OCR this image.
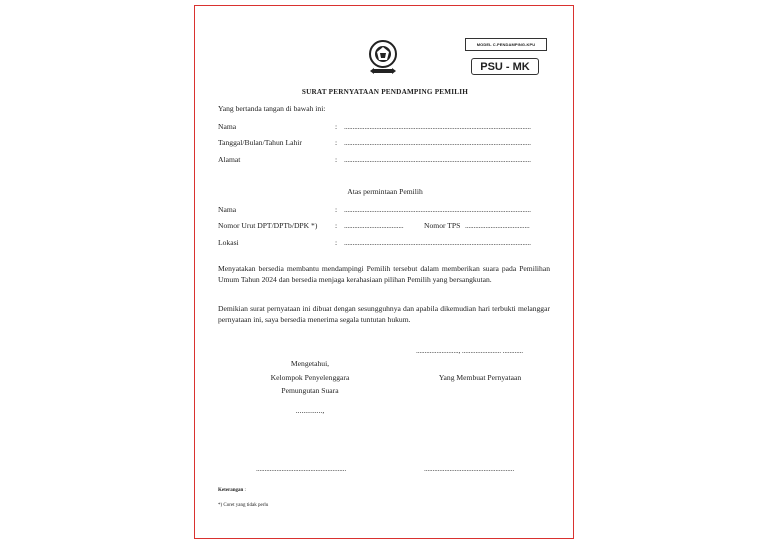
MODEL C.PENDAMPING-KPU
PSU - MK
SURAT PERNYATAAN PENDAMPING PEMILIH
Yang bertanda tangan di bawah ini:
Nama	: ..............................................................................................................
Tanggal/Bulan/Tahun Lahir	: ..............................................................................................................
Alamat	: ..............................................................................................................
Atas permintaan Pemilih
Nama	: ..............................................................................................................
Nomor Urut DPT/DPTb/DPK *) : ...................................	Nomor TPS ......................................
Lokasi	: ..............................................................................................................
Menyatakan bersedia membantu mendampingi Pemilih tersebut dalam memberikan suara pada Pemilihan Umum Tahun 2024 dan bersedia menjaga kerahasiaan pilihan Pemilih yang bersangkutan.
Demikian surat pernyataan ini dibuat dengan sesungguhnya dan apabila dikemudian hari terbukti melanggar pernyataan ini, saya bersedia menerima segala tuntutan hukum.
........................., ....................... ............
Mengetahui,
Kelompok Penyelenggara
Pemungutan Suara
..............,
.....................................................
Yang Membuat Pernyataan
.....................................................
Keterangan :
*) Coret yang tidak perlu
